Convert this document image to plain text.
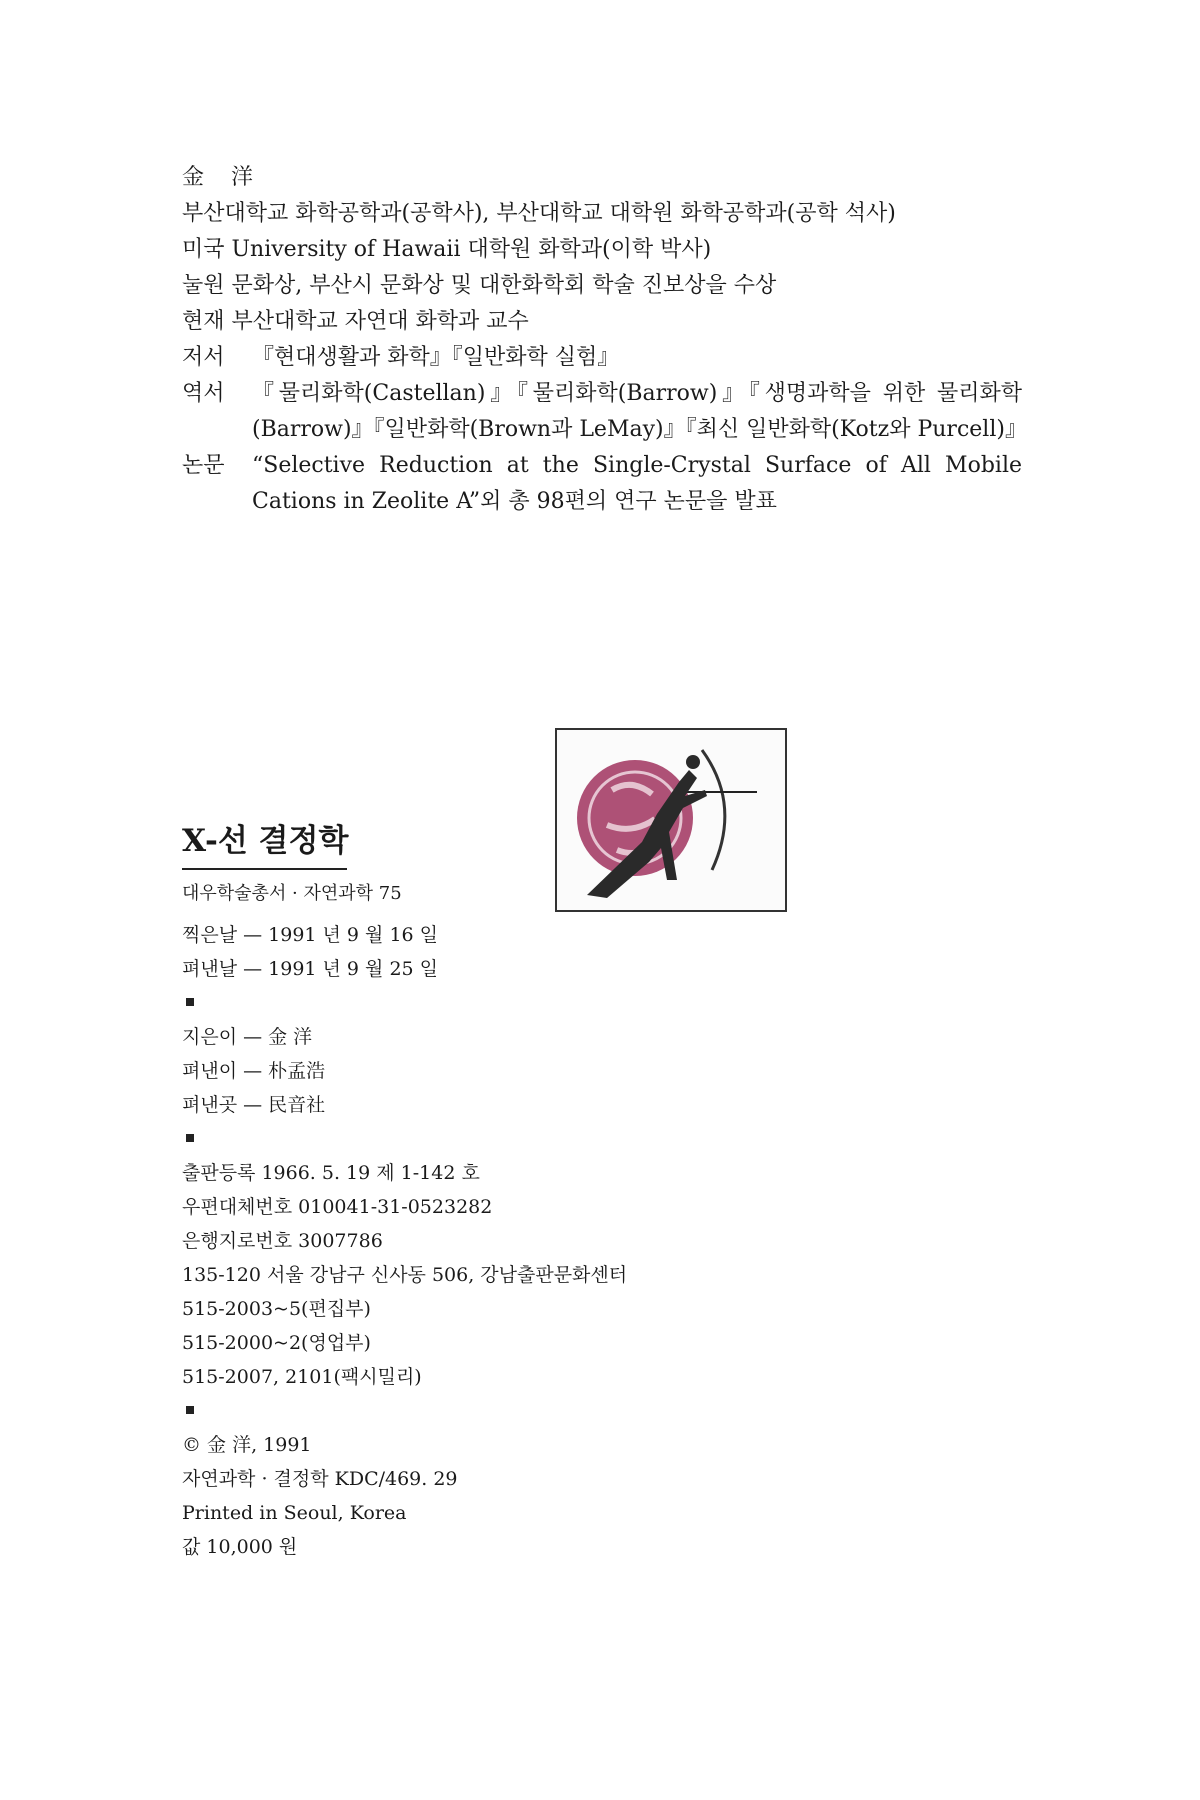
金 洋
부산대학교 화학공학과(공학사), 부산대학교 대학원 화학공학과(공학 석사)
미국 University of Hawaii 대학원 화학과(이학 박사)
눌원 문화상, 부산시 문화상 및 대한화학회 학술 진보상을 수상
현재 부산대학교 자연대 화학과 교수
저서	『현대생활과 화학』『일반화학 실험』
역서	『물리화학(Castellan)』『물리화학(Barrow)』『생명과학을 위한 물리화학(Barrow)』『일반화학(Brown과 LeMay)』『최신 일반화학(Kotz와 Purcell)』
논문	“Selective Reduction at the Single-Crystal Surface of All Mobile Cations in Zeolite A”외 총 98편의 연구 논문을 발표
X-선 결정학
대우학술총서 · 자연과학 75
찍은날 — 1991 년 9 월 16 일
펴낸날 — 1991 년 9 월 25 일
지은이 — 金 洋
펴낸이 — 朴孟浩
펴낸곳 — 民音社
출판등록 1966. 5. 19 제 1-142 호
우편대체번호 010041-31-0523282
은행지로번호 3007786
135-120 서울 강남구 신사동 506, 강남출판문화센터
515-2003~5(편집부)
515-2000~2(영업부)
515-2007, 2101(팩시밀리)
© 金 洋, 1991
자연과학 · 결정학 KDC/469. 29
Printed in Seoul, Korea
값 10,000 원
